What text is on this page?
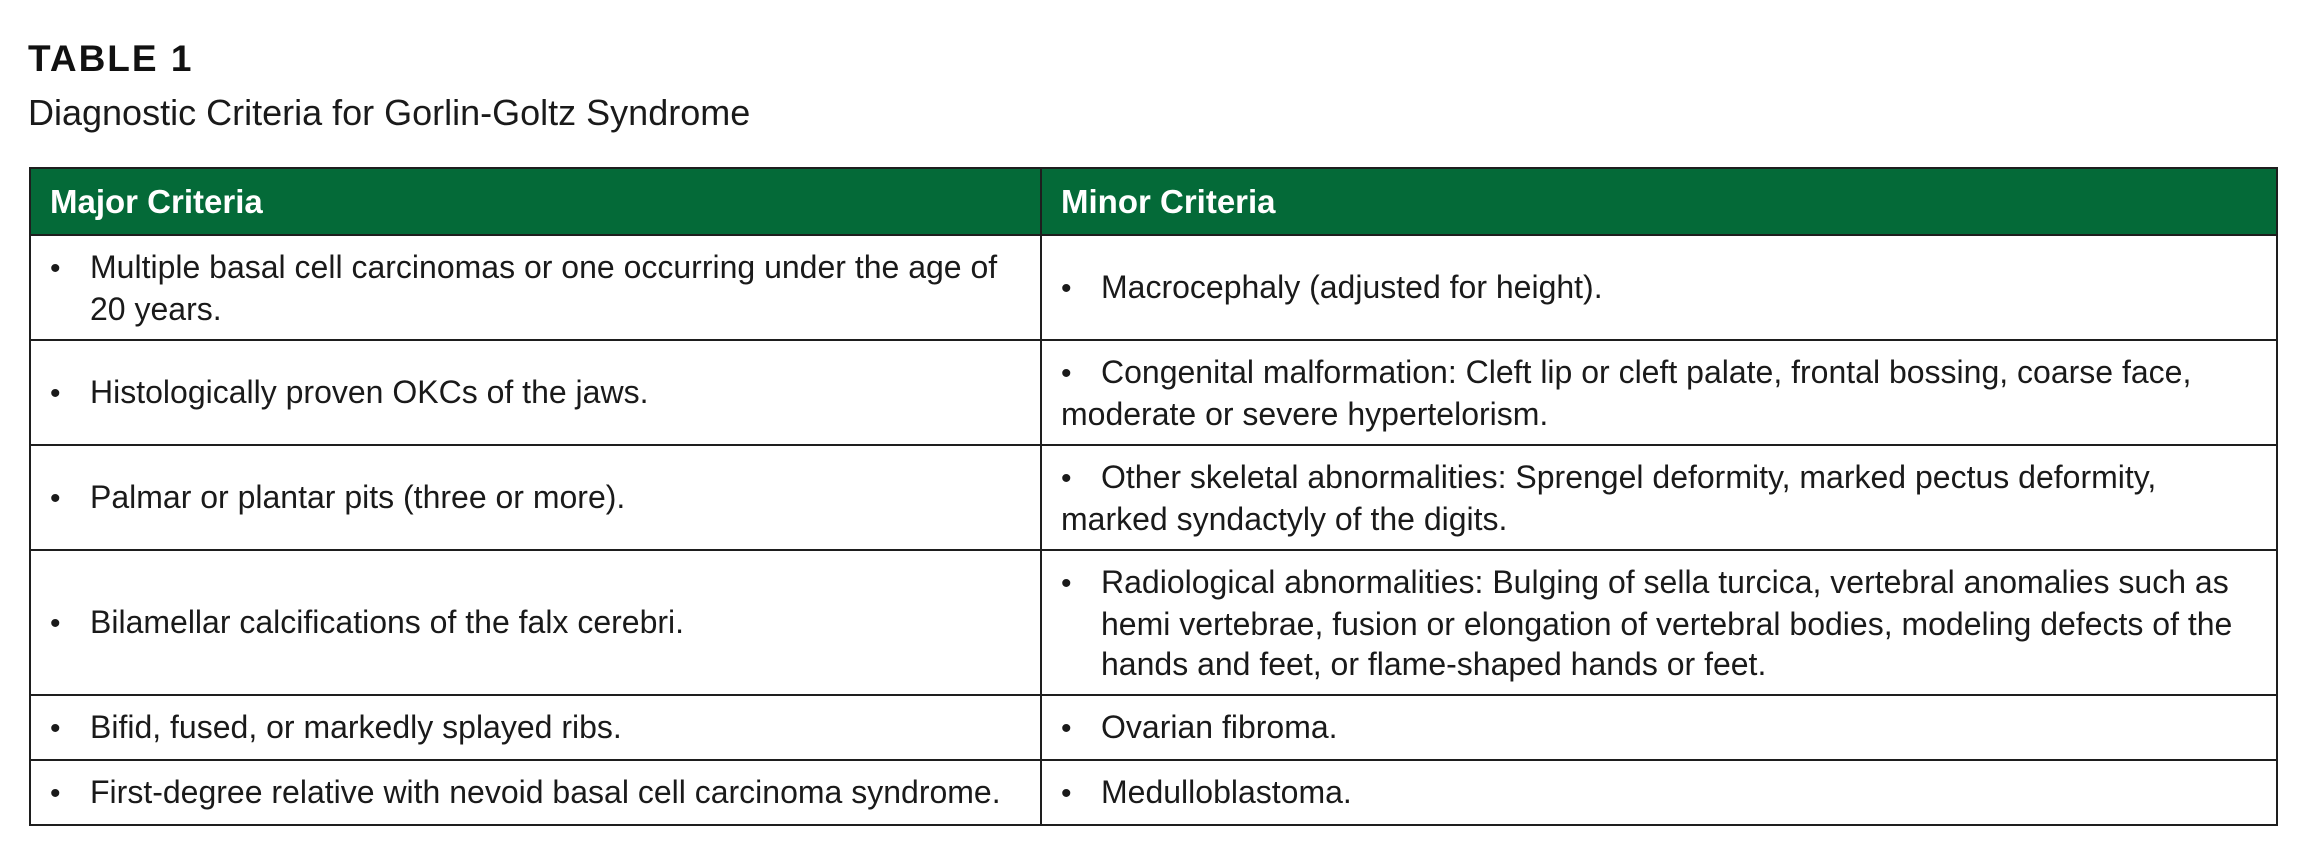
TABLE 1
Diagnostic Criteria for Gorlin-Goltz Syndrome
Major Criteria	Minor Criteria

• Multiple basal cell carcinomas or one occurring under the age of 20 years.	• Macrocephaly (adjusted for height).

• Histologically proven OKCs of the jaws.	• Congenital malformation: Cleft lip or cleft palate, frontal bossing, coarse face, moderate or severe hypertelorism.

• Palmar or plantar pits (three or more).	• Other skeletal abnormalities: Sprengel deformity, marked pectus deformity, marked syndactyly of the digits.

• Bilamellar calcifications of the falx cerebri.	• Radiological abnormalities: Bulging of sella turcica, vertebral anomalies such as hemi vertebrae, fusion or elongation of vertebral bodies, modeling defects of the hands and feet, or flame-shaped hands or feet.

• Bifid, fused, or markedly splayed ribs.	• Ovarian fibroma.

• First-degree relative with nevoid basal cell carcinoma syndrome.	• Medulloblastoma.
